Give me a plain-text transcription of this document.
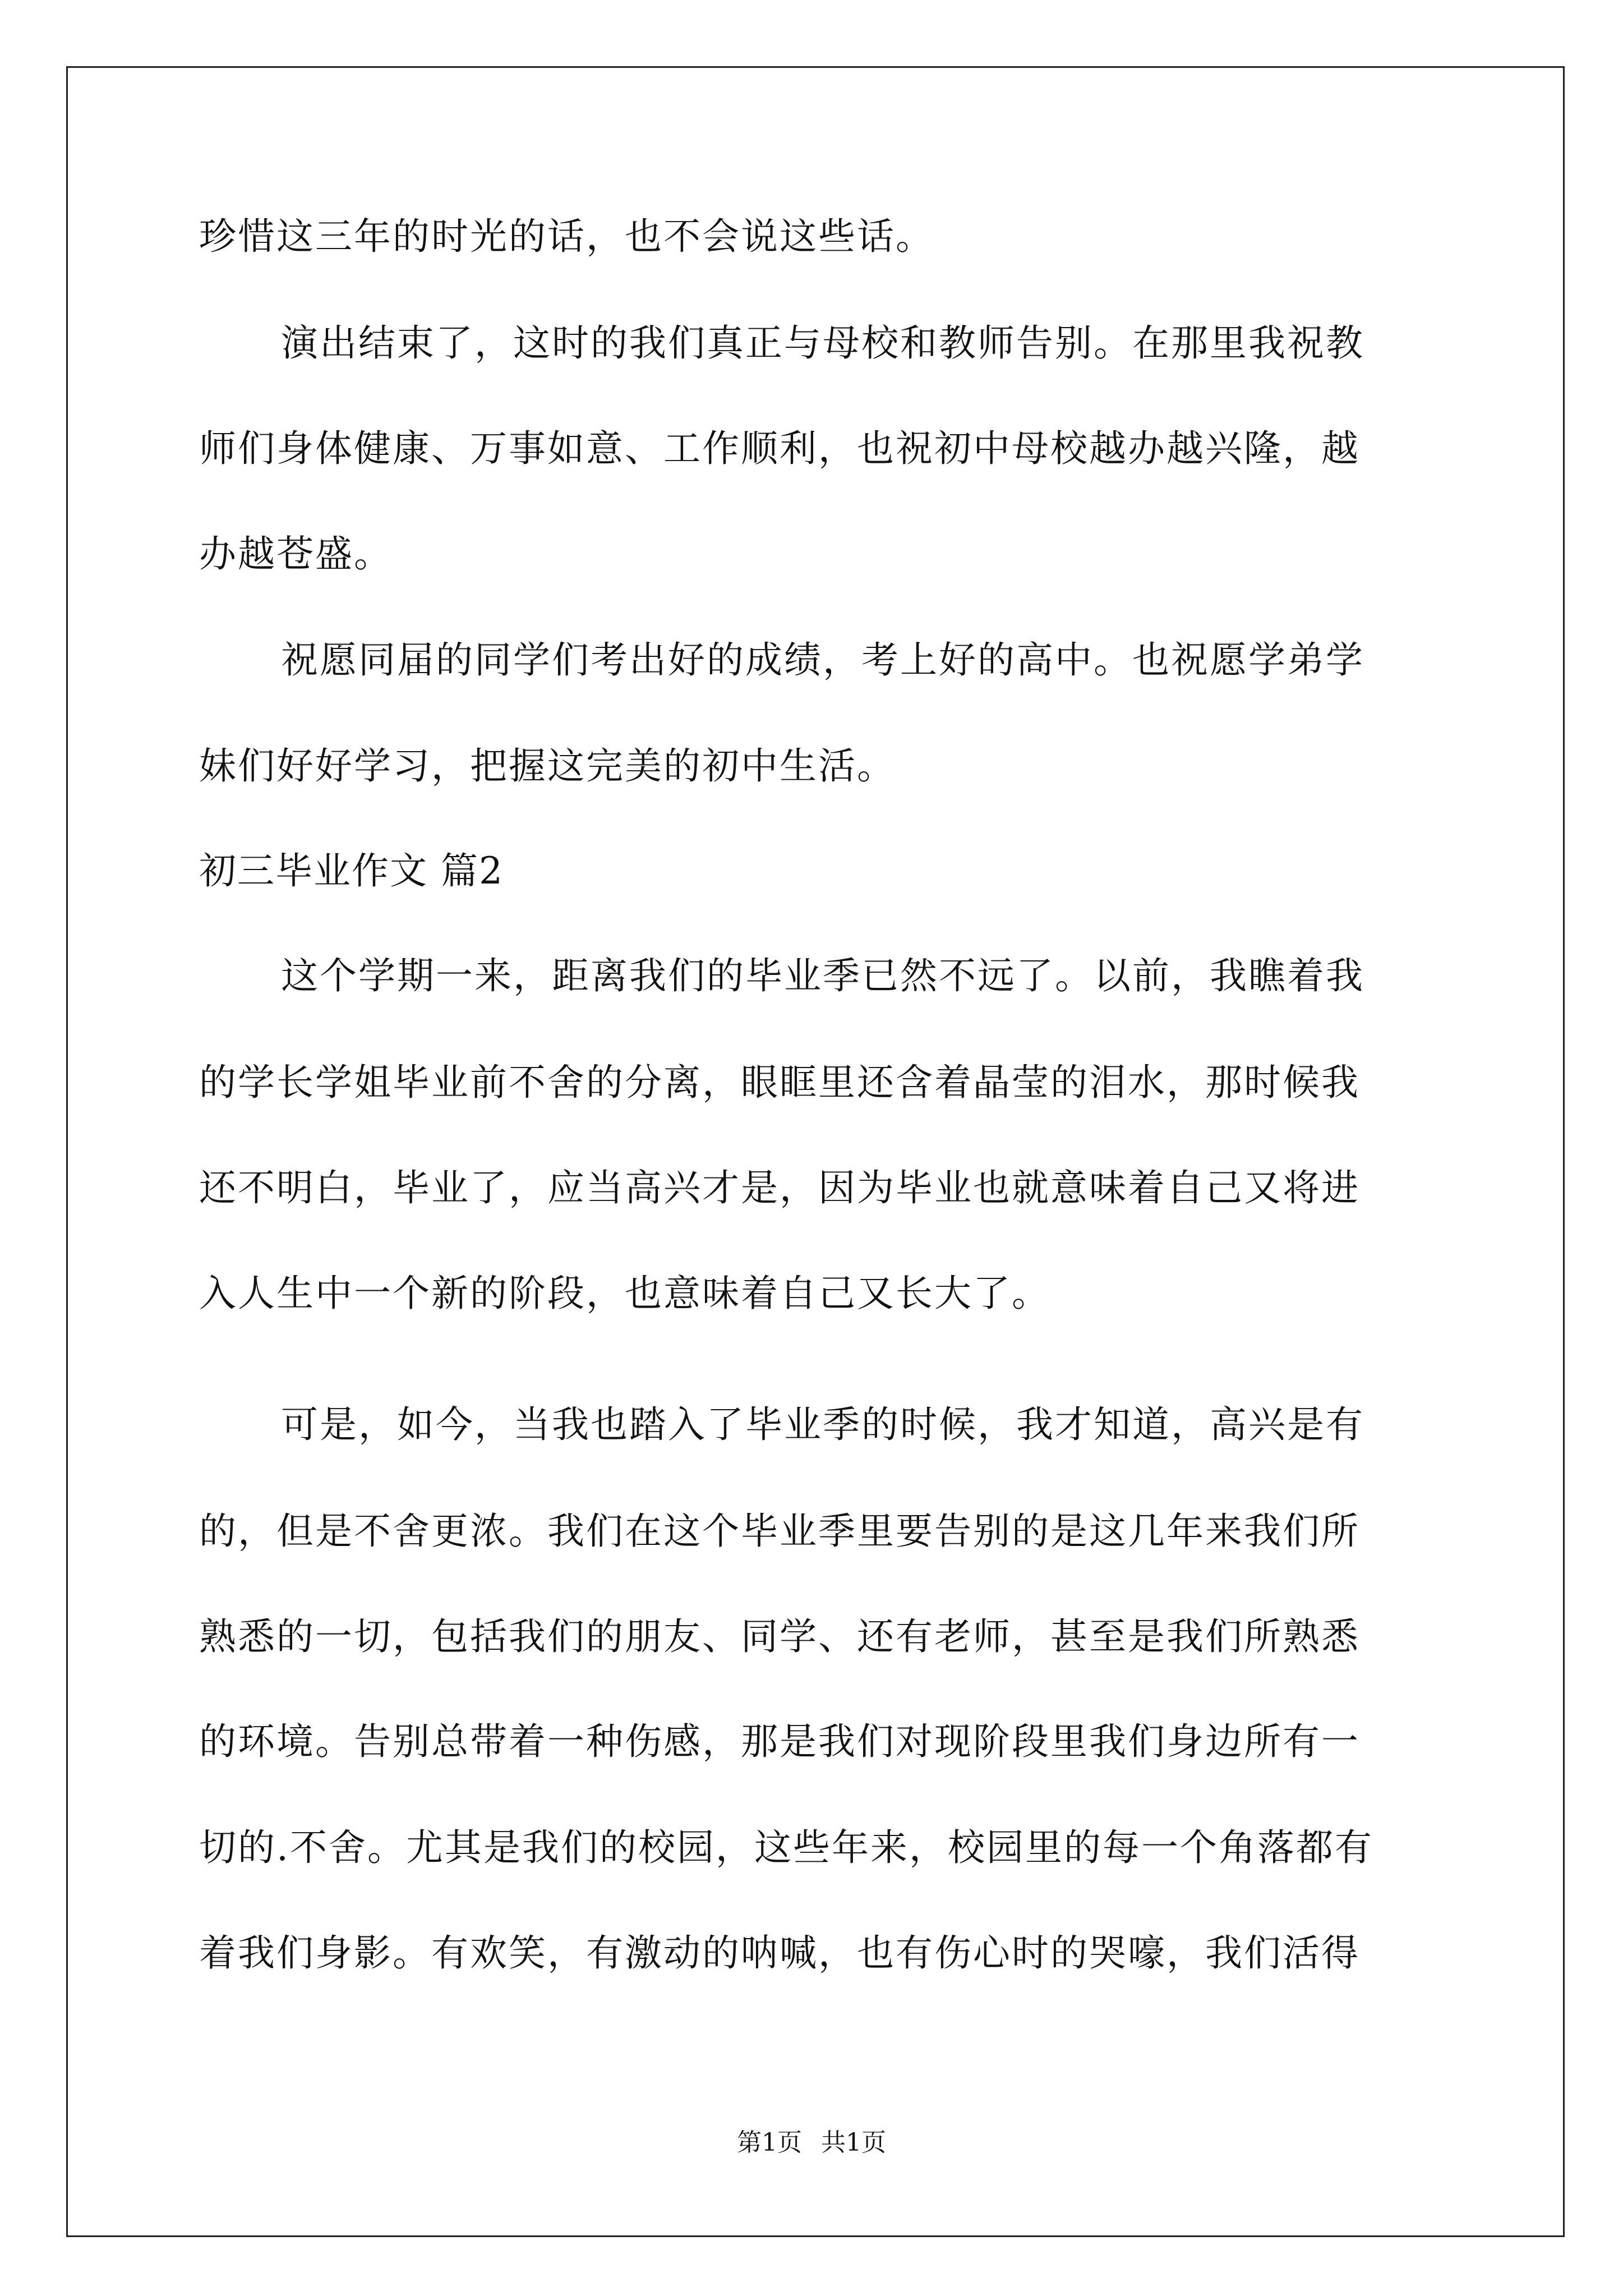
珍惜这三年的时光的话，也不会说这些话。
演出结束了，这时的我们真正与母校和教师告别。在那里我祝教
师们身体健康、万事如意、工作顺利，也祝初中母校越办越兴隆，越
办越苍盛。
祝愿同届的同学们考出好的成绩，考上好的高中。也祝愿学弟学
妹们好好学习，把握这完美的初中生活。
初三毕业作文 篇2
这个学期一来，距离我们的毕业季已然不远了。以前，我瞧着我
的学长学姐毕业前不舍的分离，眼眶里还含着晶莹的泪水，那时候我
还不明白，毕业了，应当高兴才是，因为毕业也就意味着自己又将进
入人生中一个新的阶段，也意味着自己又长大了。
可是，如今，当我也踏入了毕业季的时候，我才知道，高兴是有
的，但是不舍更浓。我们在这个毕业季里要告别的是这几年来我们所
熟悉的一切，包括我们的朋友、同学、还有老师，甚至是我们所熟悉
的环境。告别总带着一种伤感，那是我们对现阶段里我们身边所有一
切的.不舍。尤其是我们的校园，这些年来，校园里的每一个角落都有
着我们身影。有欢笑，有激动的呐喊，也有伤心时的哭嚎，我们活得
第1页 共1页
